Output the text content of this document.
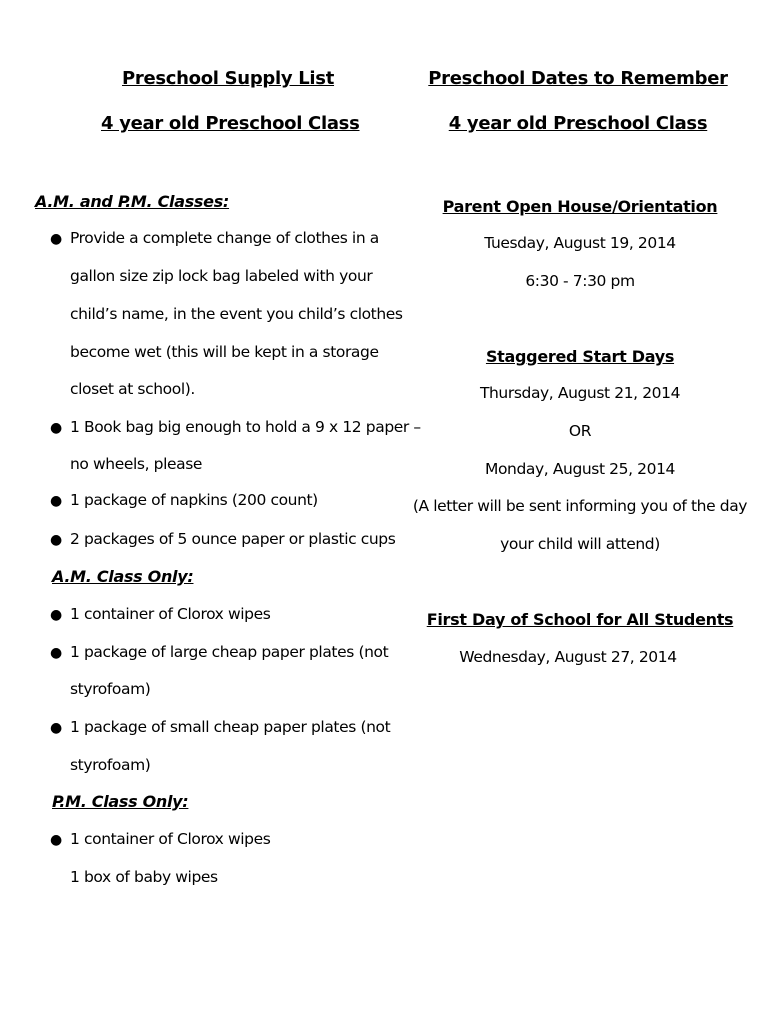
Preschool Supply List
4 year old Preschool Class
A.M. and P.M. Classes:
● Provide a complete change of clothes in a
gallon size zip lock bag labeled with your
child’s name, in the event you child’s clothes
become wet (this will be kept in a storage
closet at school).
● 1 Book bag big enough to hold a 9 x 12 paper –
no wheels, please
● 1 package of napkins (200 count)
● 2 packages of 5 ounce paper or plastic cups
A.M. Class Only:
● 1 container of Clorox wipes
● 1 package of large cheap paper plates (not
styrofoam)
● 1 package of small cheap paper plates (not
styrofoam)
P.M. Class Only:
● 1 container of Clorox wipes
1 box of baby wipes
Preschool Dates to Remember
4 year old Preschool Class
Parent Open House/Orientation
Tuesday, August 19, 2014
6:30 - 7:30 pm
Staggered Start Days
Thursday, August 21, 2014
OR
Monday, August 25, 2014
(A letter will be sent informing you of the day
your child will attend)
First Day of School for All Students
Wednesday, August 27, 2014
